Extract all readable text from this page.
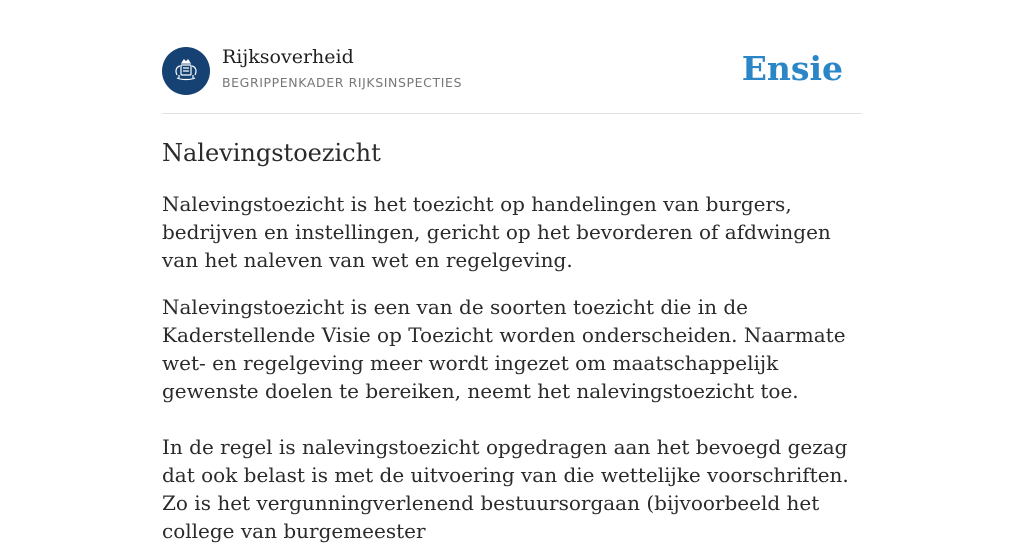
Rijksoverheid
BEGRIPPENKADER RIJKSINSPECTIES	Ensie
Nalevingstoezicht

Nalevingstoezicht is het toezicht op handelingen van burgers, bedrijven en instellingen, gericht op het bevorderen of afdwingen van het naleven van wet en regelgeving.

Nalevingstoezicht is een van de soorten toezicht die in de Kaderstellende Visie op Toezicht worden onderscheiden. Naarmate wet- en regelgeving meer wordt ingezet om maatschappelijk gewenste doelen te bereiken, neemt het nalevingstoezicht toe.

In de regel is nalevingstoezicht opgedragen aan het bevoegd gezag dat ook belast is met de uitvoering van die wettelijke voorschriften. Zo is het vergunningverlenend bestuursorgaan (bijvoorbeeld het college van burgemeester
